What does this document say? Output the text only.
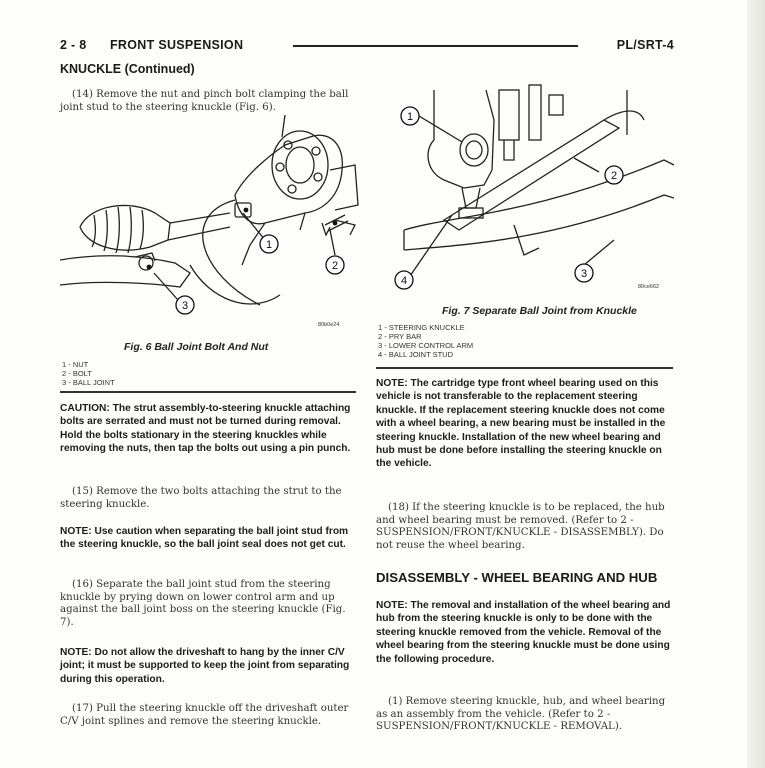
2 - 8 FRONT SUSPENSION	PL/SRT-4
KNUCKLE (Continued)
(14) Remove the nut and pinch bolt clamping the ball joint stud to the steering knuckle (Fig. 6).
1
2
3
80b0e24
Fig. 6 Ball Joint Bolt And Nut
1 - NUT
2 - BOLT
3 - BALL JOINT
CAUTION: The strut assembly-to-steering knuckle attaching bolts are serrated and must not be turned during removal. Hold the bolts stationary in the steering knuckles while removing the nuts, then tap the bolts out using a pin punch.
(15) Remove the two bolts attaching the strut to the steering knuckle.
NOTE: Use caution when separating the ball joint stud from the steering knuckle, so the ball joint seal does not get cut.
(16) Separate the ball joint stud from the steering knuckle by prying down on lower control arm and up against the ball joint boss on the steering knuckle (Fig. 7).
NOTE: Do not allow the driveshaft to hang by the inner C/V joint; it must be supported to keep the joint from separating during this operation.
(17) Pull the steering knuckle off the driveshaft outer C/V joint splines and remove the steering knuckle.
1
2
3
4	80ce662
Fig. 7 Separate Ball Joint from Knuckle
1 - STEERING KNUCKLE
2 - PRY BAR
3 - LOWER CONTROL ARM
4 - BALL JOINT STUD
NOTE: The cartridge type front wheel bearing used on this vehicle is not transferable to the replacement steering knuckle. If the replacement steering knuckle does not come with a wheel bearing, a new bearing must be installed in the steering knuckle. Installation of the new wheel bearing and hub must be done before installing the steering knuckle on the vehicle.
(18) If the steering knuckle is to be replaced, the hub and wheel bearing must be removed. (Refer to 2 - SUSPENSION/FRONT/KNUCKLE - DISASSEMBLY). Do not reuse the wheel bearing.
DISASSEMBLY - WHEEL BEARING AND HUB
NOTE: The removal and installation of the wheel bearing and hub from the steering knuckle is only to be done with the steering knuckle removed from the vehicle. Removal of the wheel bearing from the steering knuckle must be done using the following procedure.
(1) Remove steering knuckle, hub, and wheel bearing as an assembly from the vehicle. (Refer to 2 - SUSPENSION/FRONT/KNUCKLE - REMOVAL).
